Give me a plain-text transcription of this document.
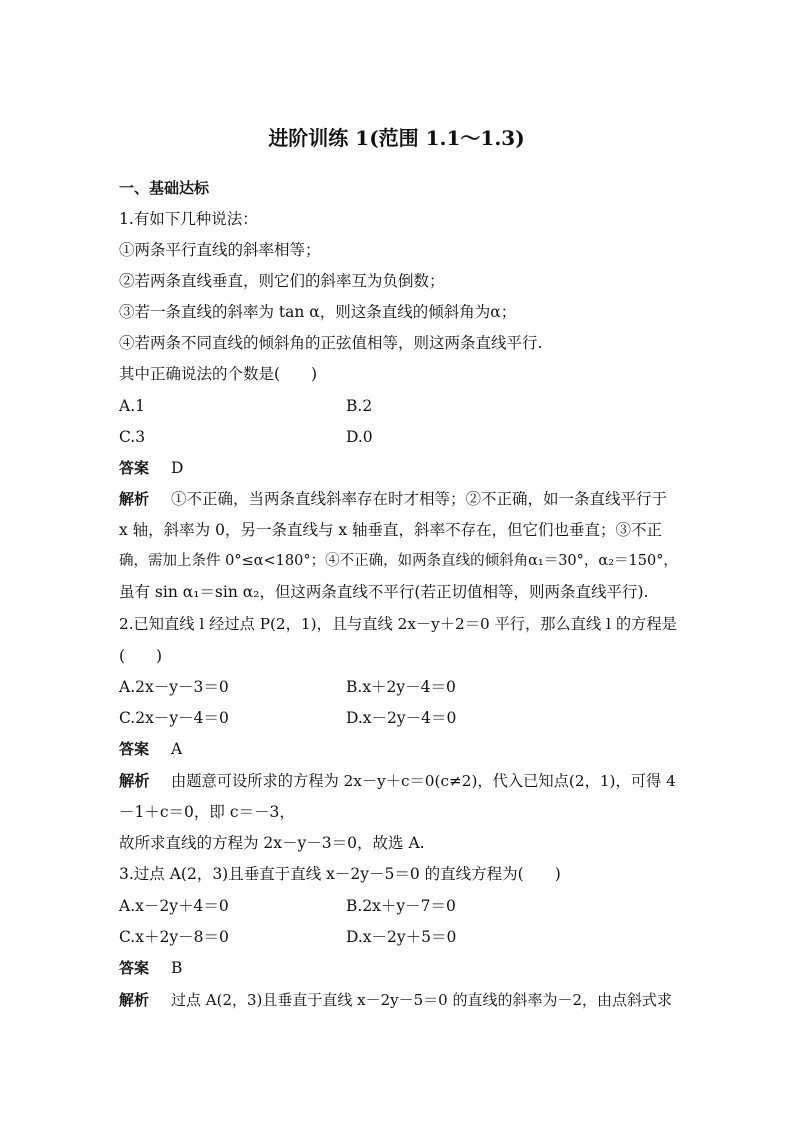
进阶训练 1(范围 1.1～1.3)
一、基础达标
1.有如下几种说法：
①两条平行直线的斜率相等；
②若两条直线垂直，则它们的斜率互为负倒数；
③若一条直线的斜率为 tan α，则这条直线的倾斜角为α；
④若两条不同直线的倾斜角的正弦值相等，则这两条直线平行.
其中正确说法的个数是(　　)
A.1	B.2
C.3	D.0
答案 D
解析 ①不正确，当两条直线斜率存在时才相等；②不正确，如一条直线平行于
x 轴，斜率为 0，另一条直线与 x 轴垂直，斜率不存在，但它们也垂直；③不正
确，需加上条件 0°≤α<180°；④不正确，如两条直线的倾斜角α₁＝30°，α₂＝150°，
虽有 sin α₁＝sin α₂，但这两条直线不平行(若正切值相等，则两条直线平行).
2.已知直线 l 经过点 P(2，1)，且与直线 2x－y＋2＝0 平行，那么直线 l 的方程是
(　　)
A.2x－y－3＝0	B.x＋2y－4＝0
C.2x－y－4＝0	D.x－2y－4＝0
答案 A
解析 由题意可设所求的方程为 2x－y＋c＝0(c≠2)，代入已知点(2，1)，可得 4
－1＋c＝0，即 c＝－3，
故所求直线的方程为 2x－y－3＝0，故选 A.
3.过点 A(2，3)且垂直于直线 x－2y－5＝0 的直线方程为(　　)
A.x－2y＋4＝0	B.2x＋y－7＝0
C.x＋2y－8＝0	D.x－2y＋5＝0
答案 B
解析 过点 A(2，3)且垂直于直线 x－2y－5＝0 的直线的斜率为－2，由点斜式求
